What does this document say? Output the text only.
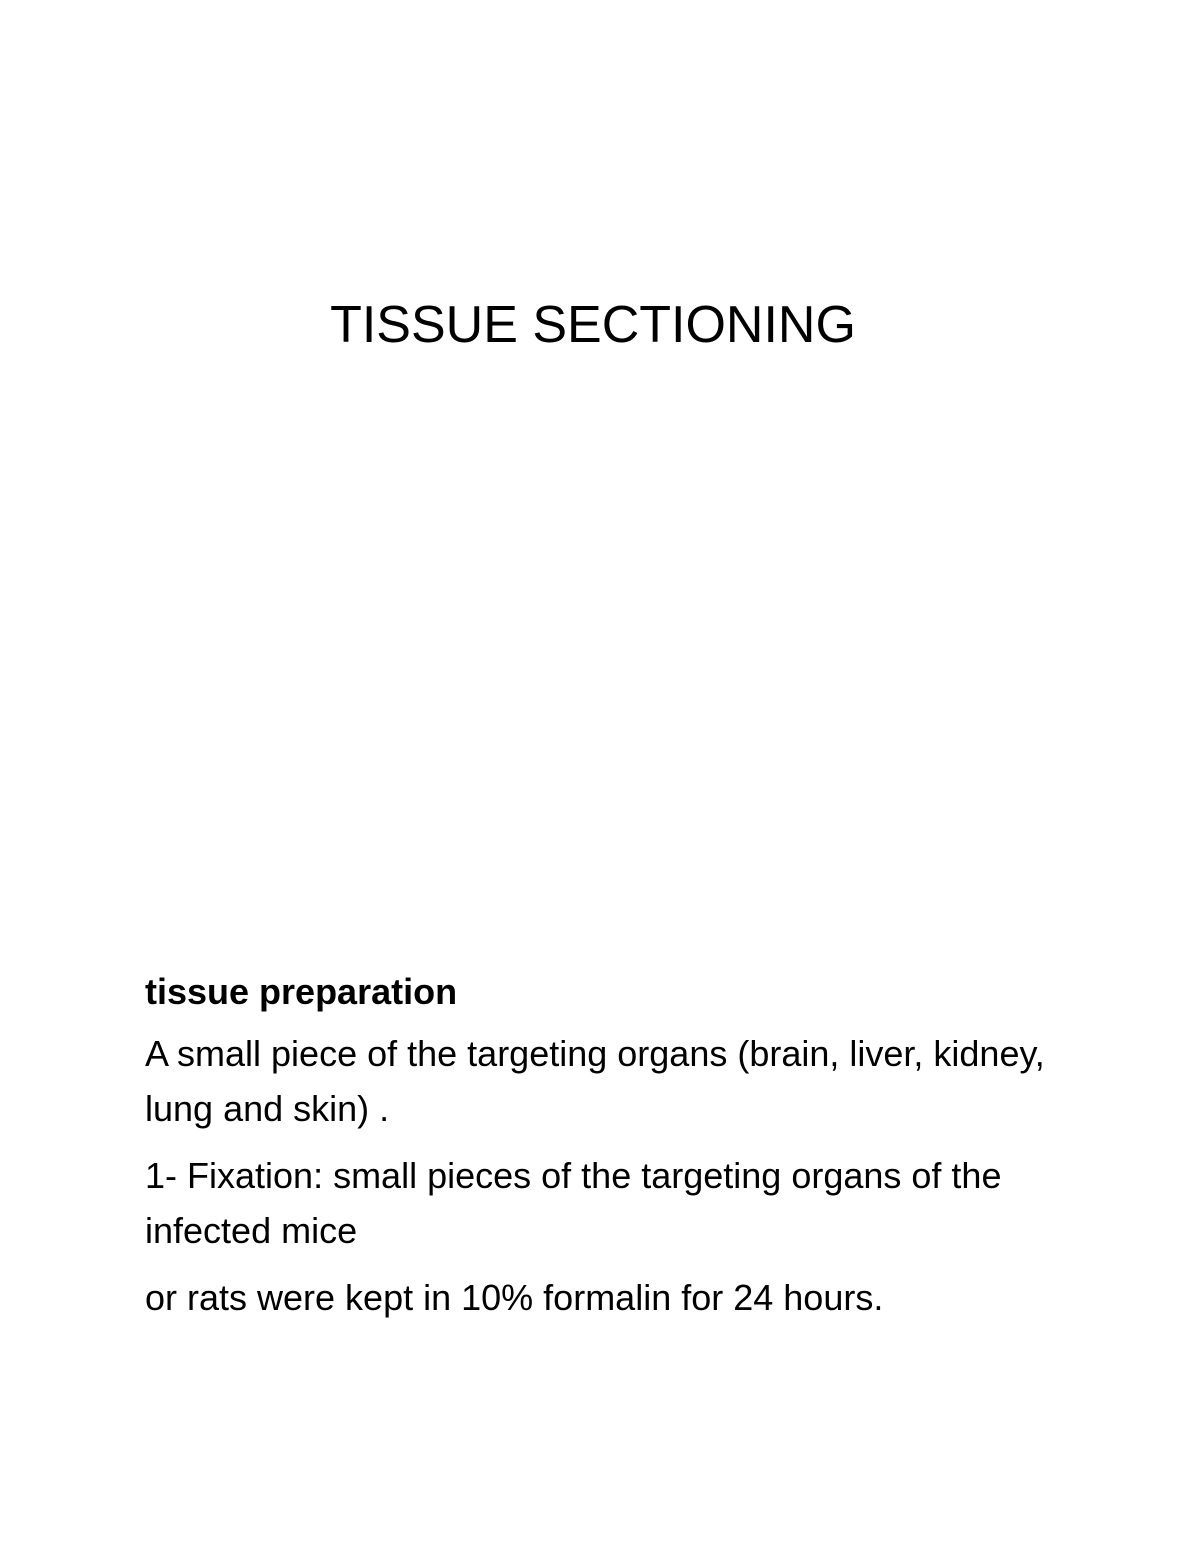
TISSUE SECTIONING

tissue preparation

A small piece of the targeting organs (brain, liver, kidney, lung and skin) .

1- Fixation: small pieces of the targeting organs of the infected mice

or rats were kept in 10% formalin for 24 hours.
